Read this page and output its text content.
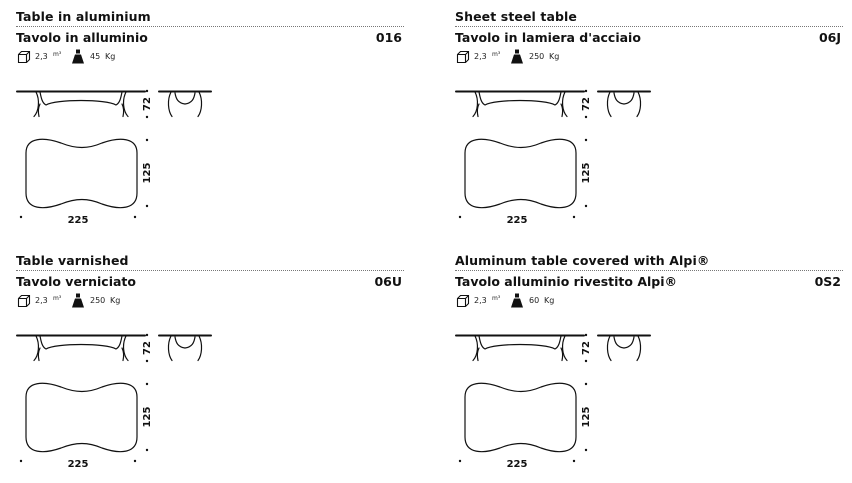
Table in aluminium
Tavolo in alluminio	016
2,3 m³	45 Kg
72
125
225
Sheet steel table
Tavolo in lamiera d'acciaio	06J
2,3 m³	250 Kg
72
125
225
Table varnished
Tavolo verniciato	06U
2,3 m³	250 Kg
72
125
225
Aluminum table covered with Alpi®
Tavolo alluminio rivestito Alpi®	0S2
2,3 m³	60 Kg
72
125
225
